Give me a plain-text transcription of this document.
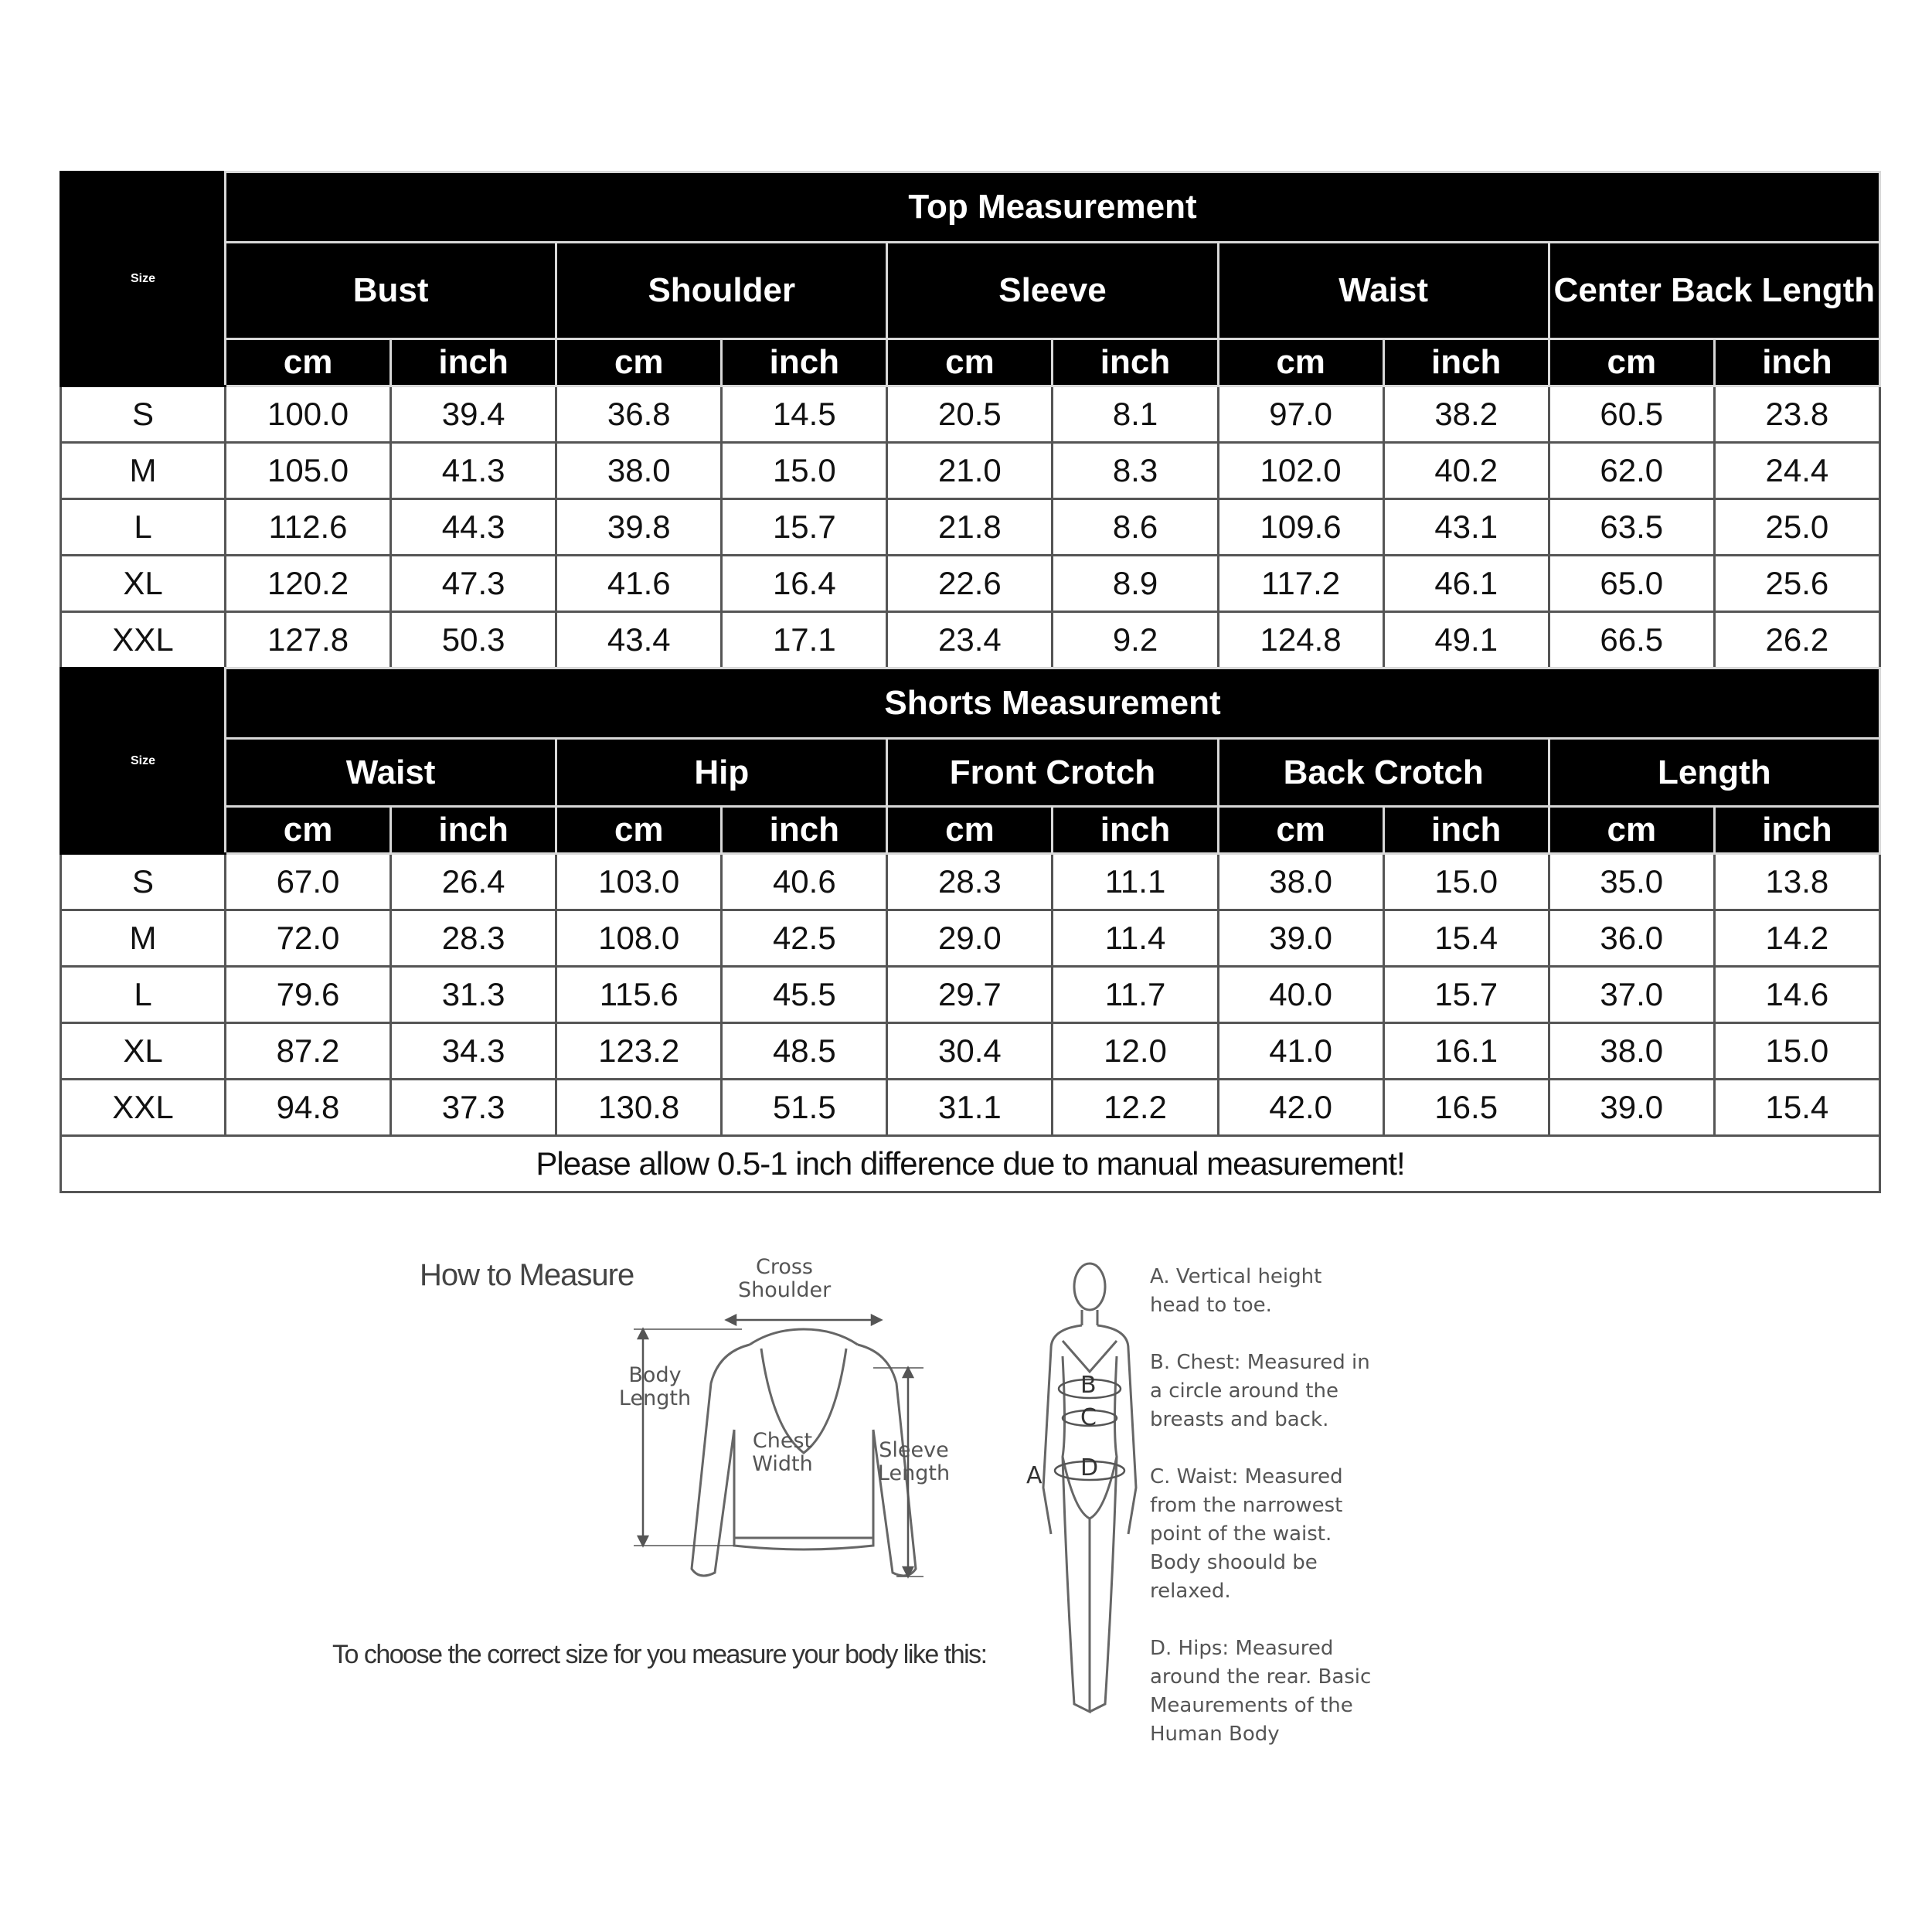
Size	Top Measurement									
	Bust		Shoulder		Sleeve		Waist		Center Back Length	
	cm	inch	cm	inch	cm	inch	cm	inch	cm	inch
S	100.0	39.4	36.8	14.5	20.5	8.1	97.0	38.2	60.5	23.8
M	105.0	41.3	38.0	15.0	21.0	8.3	102.0	40.2	62.0	24.4
L	112.6	44.3	39.8	15.7	21.8	8.6	109.6	43.1	63.5	25.0
XL	120.2	47.3	41.6	16.4	22.6	8.9	117.2	46.1	65.0	25.6
XXL	127.8	50.3	43.4	17.1	23.4	9.2	124.8	49.1	66.5	26.2
Size	Shorts Measurement									
	Waist		Hip		Front Crotch		Back Crotch		Length	
	cm	inch	cm	inch	cm	inch	cm	inch	cm	inch
S	67.0	26.4	103.0	40.6	28.3	11.1	38.0	15.0	35.0	13.8
M	72.0	28.3	108.0	42.5	29.0	11.4	39.0	15.4	36.0	14.2
L	79.6	31.3	115.6	45.5	29.7	11.7	40.0	15.7	37.0	14.6
XL	87.2	34.3	123.2	48.5	30.4	12.0	41.0	16.1	38.0	15.0
XXL	94.8	37.3	130.8	51.5	31.1	12.2	42.0	16.5	39.0	15.4
Please allow 0.5-1 inch difference due to manual measurement!										
How to Measure
To choose the correct size for you measure your body like this:
Cross Shoulder
Body Length
Chest Width
Sleeve Length
B
C
D
A
A. Vertical height head to toe.
B. Chest: Measured in a circle around the breasts and back.
C. Waist: Measured from the narrowest point of the waist. Body shoould be relaxed.
D. Hips: Measured around the rear. Basic Meaurements of the Human Body
